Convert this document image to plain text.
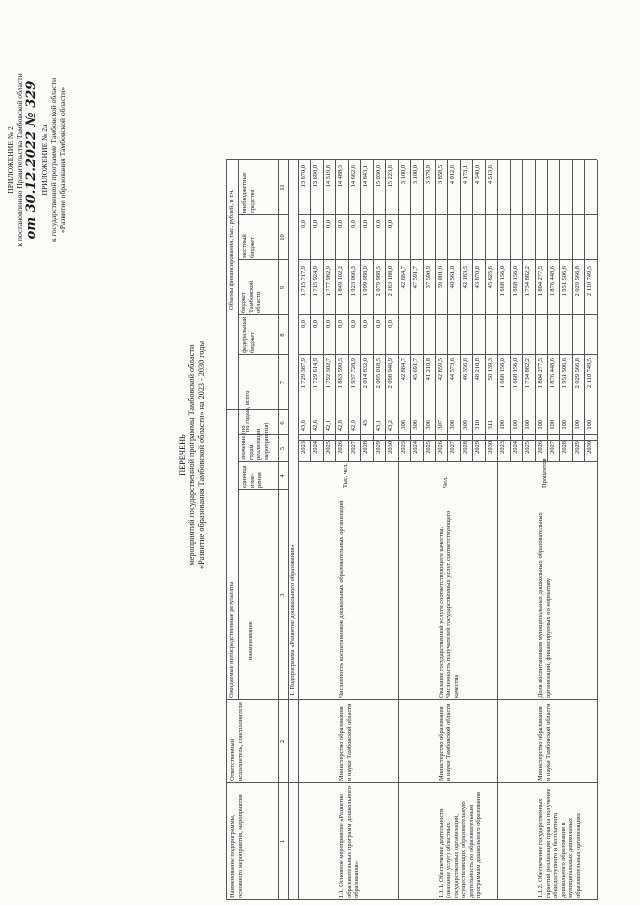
ПРИЛОЖЕНИЕ № 2 к постановлению Правительства Тамбовской области от 30.12.2022 № 329 ПРИЛОЖЕНИЕ № 2а к государственной программе Тамбовской области «Развитие образования Тамбовской области»
ПЕРЕЧЕНЬ мероприятий государственной программы Тамбовской области «Развитие образования Тамбовской области» на 2023 - 2030 годы
Наименование подпрограммы, основного мероприятия, мероприятия
Ответственный исполнитель, соисполнители
Ожидаемые непосредственные результаты наименование
единица изме-рения
значение (по годам реализации мероприятия)
Объемы финансирования, тыс. рублей, в т.ч.
по годам, всего
федеральный бюджет
бюджет Тамбовской области
местный бюджет
внебюджетные средства
1
2
3
4
5
6
7
8
9
10
11
1. Подпрограмма «Развитие дошкольного образования»
1.1. Основное мероприятие «Развитие образовательных программ дошкольного образования»
Министерство образования и науки Тамбовской области
Численность воспитанников дошкольных образовательных организаций
Тыс. чел.
2023
43,6
1 729 387,9
0,0
1 715 717,9
0,0
13 670,0
2024
42,6
1 729 614,9
0,0
1 715 924,9
0,0
13 690,0
2025
42,1
1 792 302,7
0,0
1 777 982,9
0,0
14 319,8
2026
42,8
1 863 590,5
0,0
1 849 102,2
0,0
14 488,3
2027
42,9
1 937 728,9
0,0
1 923 066,3
0,0
14 662,6
2028
43
2 014 832,0
0,0
1 999 988,9
0,0
14 843,1
2029
43,1
2 095 018,5
0,0
2 079 988,5
0,0
15 030,0
2030
43,2
2 098 946,9
0,0
2 163 188,0
0,0
15 223,6
1.1.1. Обеспечение деятельности (оказание услуг) областных государственных организаций, осуществляющих образовательную деятельность по образовательным программам дошкольного образования
Министерство образования и науки Тамбовской области
Оказание государственной услуги соответствующего качества. Численность получателей государственных услуг соответствующего качества
Чел.
2023
306
42 884,7
42 884,7
3 100,0
2024
306
45 691,7
47 591,7
3 100,0
2025
306
41 210,8
37 590,9
3 379,9
2026
307
42 859,5
39 001,0
3 858,5
2027
308
44 573,6
40 561,0
4 012,6
2028
309
46 356,6
42 183,5
4 173,1
2029
310
48 210,8
43 870,8
4 340,0
2030
311
50 139,3
45 625,6
4 513,6
1.1.2. Обеспечение государственных гарантий реализации прав на получение общедоступного и бесплатного дошкольного образования в муниципальных дошкольных образовательных организациях
Министерство образования и науки Тамбовской области
Доля воспитанников муниципальных дошкольных образовательных организаций, финансируемых по нормативу
Процентов
2023
100
1 668 156,0
1 668 156,0
2024
100
1 668 156,0
1 668 156,0
2025
100
1 734 882,2
1 734 882,2
2026
100
1 804 277,5
1 804 277,5
2027
100
1 876 448,6
1 876 448,6
2028
100
1 951 506,6
1 951 506,6
2029
100
2 029 566,8
2 029 566,8
2030
100
2 110 749,5
2 110 749,5
